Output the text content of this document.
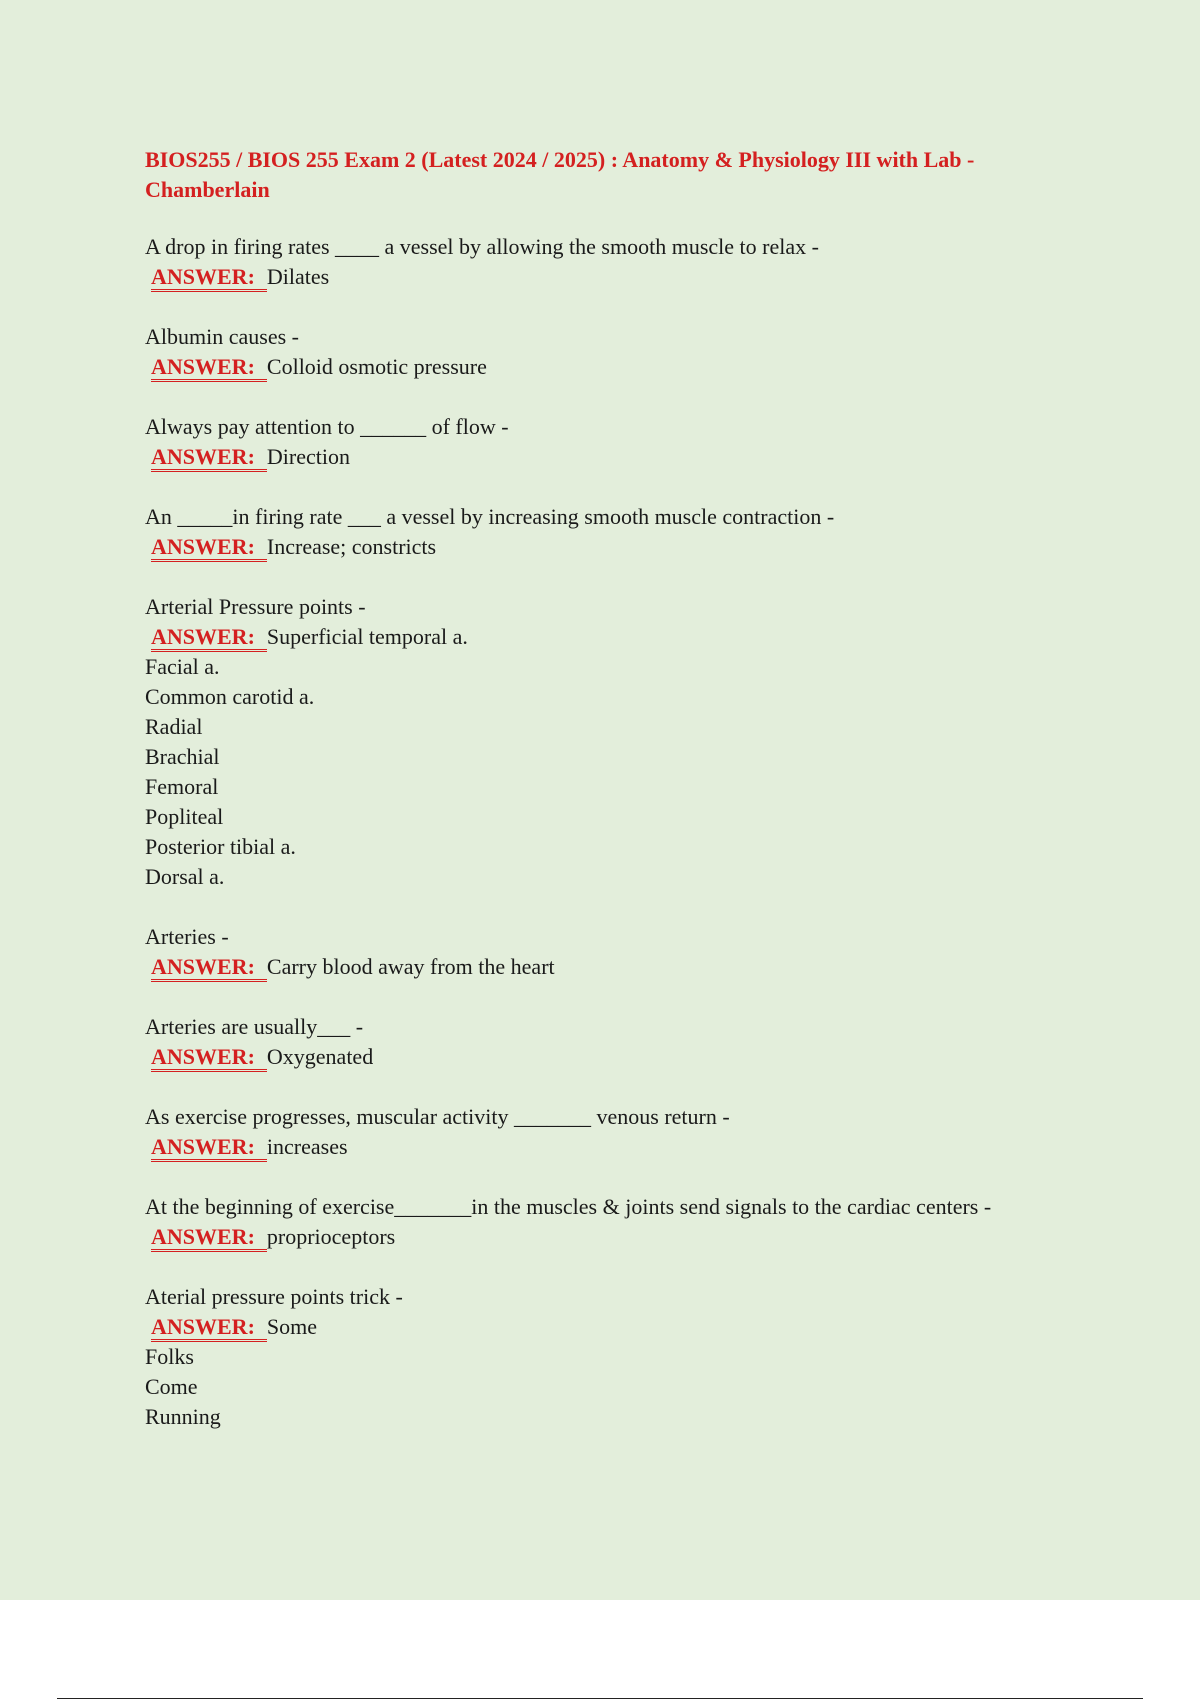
BIOS255 / BIOS 255 Exam 2 (Latest 2024 / 2025) : Anatomy & Physiology III with Lab - Chamberlain
A drop in firing rates ____ a vessel by allowing the smooth muscle to relax -
ANSWER: Dilates
Albumin causes -
ANSWER: Colloid osmotic pressure
Always pay attention to ______ of flow -
ANSWER: Direction
An _____in firing rate ___ a vessel by increasing smooth muscle contraction -
ANSWER: Increase; constricts
Arterial Pressure points -
ANSWER: Superficial temporal a.
Facial a.
Common carotid a.
Radial
Brachial
Femoral
Popliteal
Posterior tibial a.
Dorsal a.
Arteries -
ANSWER: Carry blood away from the heart
Arteries are usually___ -
ANSWER: Oxygenated
As exercise progresses, muscular activity _______ venous return -
ANSWER: increases
At the beginning of exercise_______in the muscles & joints send signals to the cardiac centers -
ANSWER: proprioceptors
Aterial pressure points trick -
ANSWER: Some
Folks
Come
Running
